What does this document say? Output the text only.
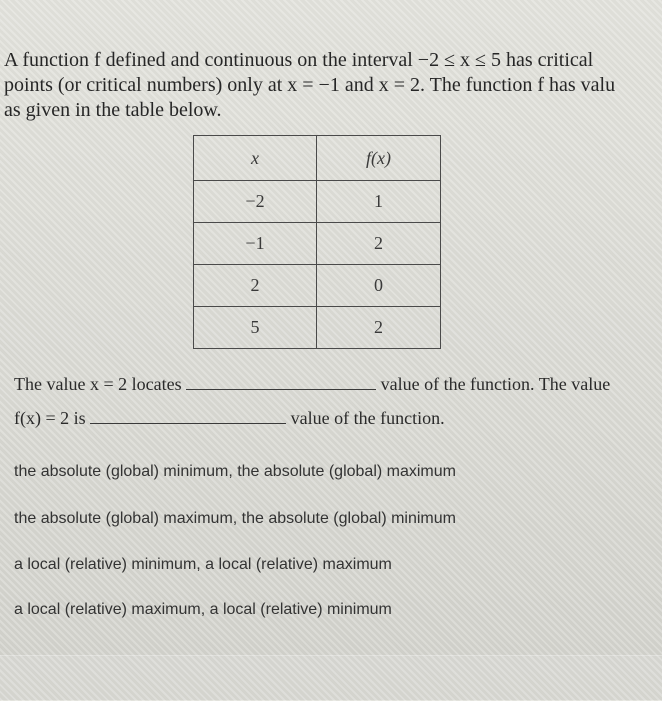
A function f defined and continuous on the interval −2 ≤ x ≤ 5 has critical
points (or critical numbers) only at x = −1 and x = 2. The function f has valu
as given in the table below.
x	f(x)
−2	1
−1	2
2	0
5	2
The value x = 2 locates	value of the function. The value
f(x) = 2 is	value of the function.
the absolute (global) minimum, the absolute (global) maximum
the absolute (global) maximum, the absolute (global) minimum
a local (relative) minimum, a local (relative) maximum
a local (relative) maximum, a local (relative) minimum
